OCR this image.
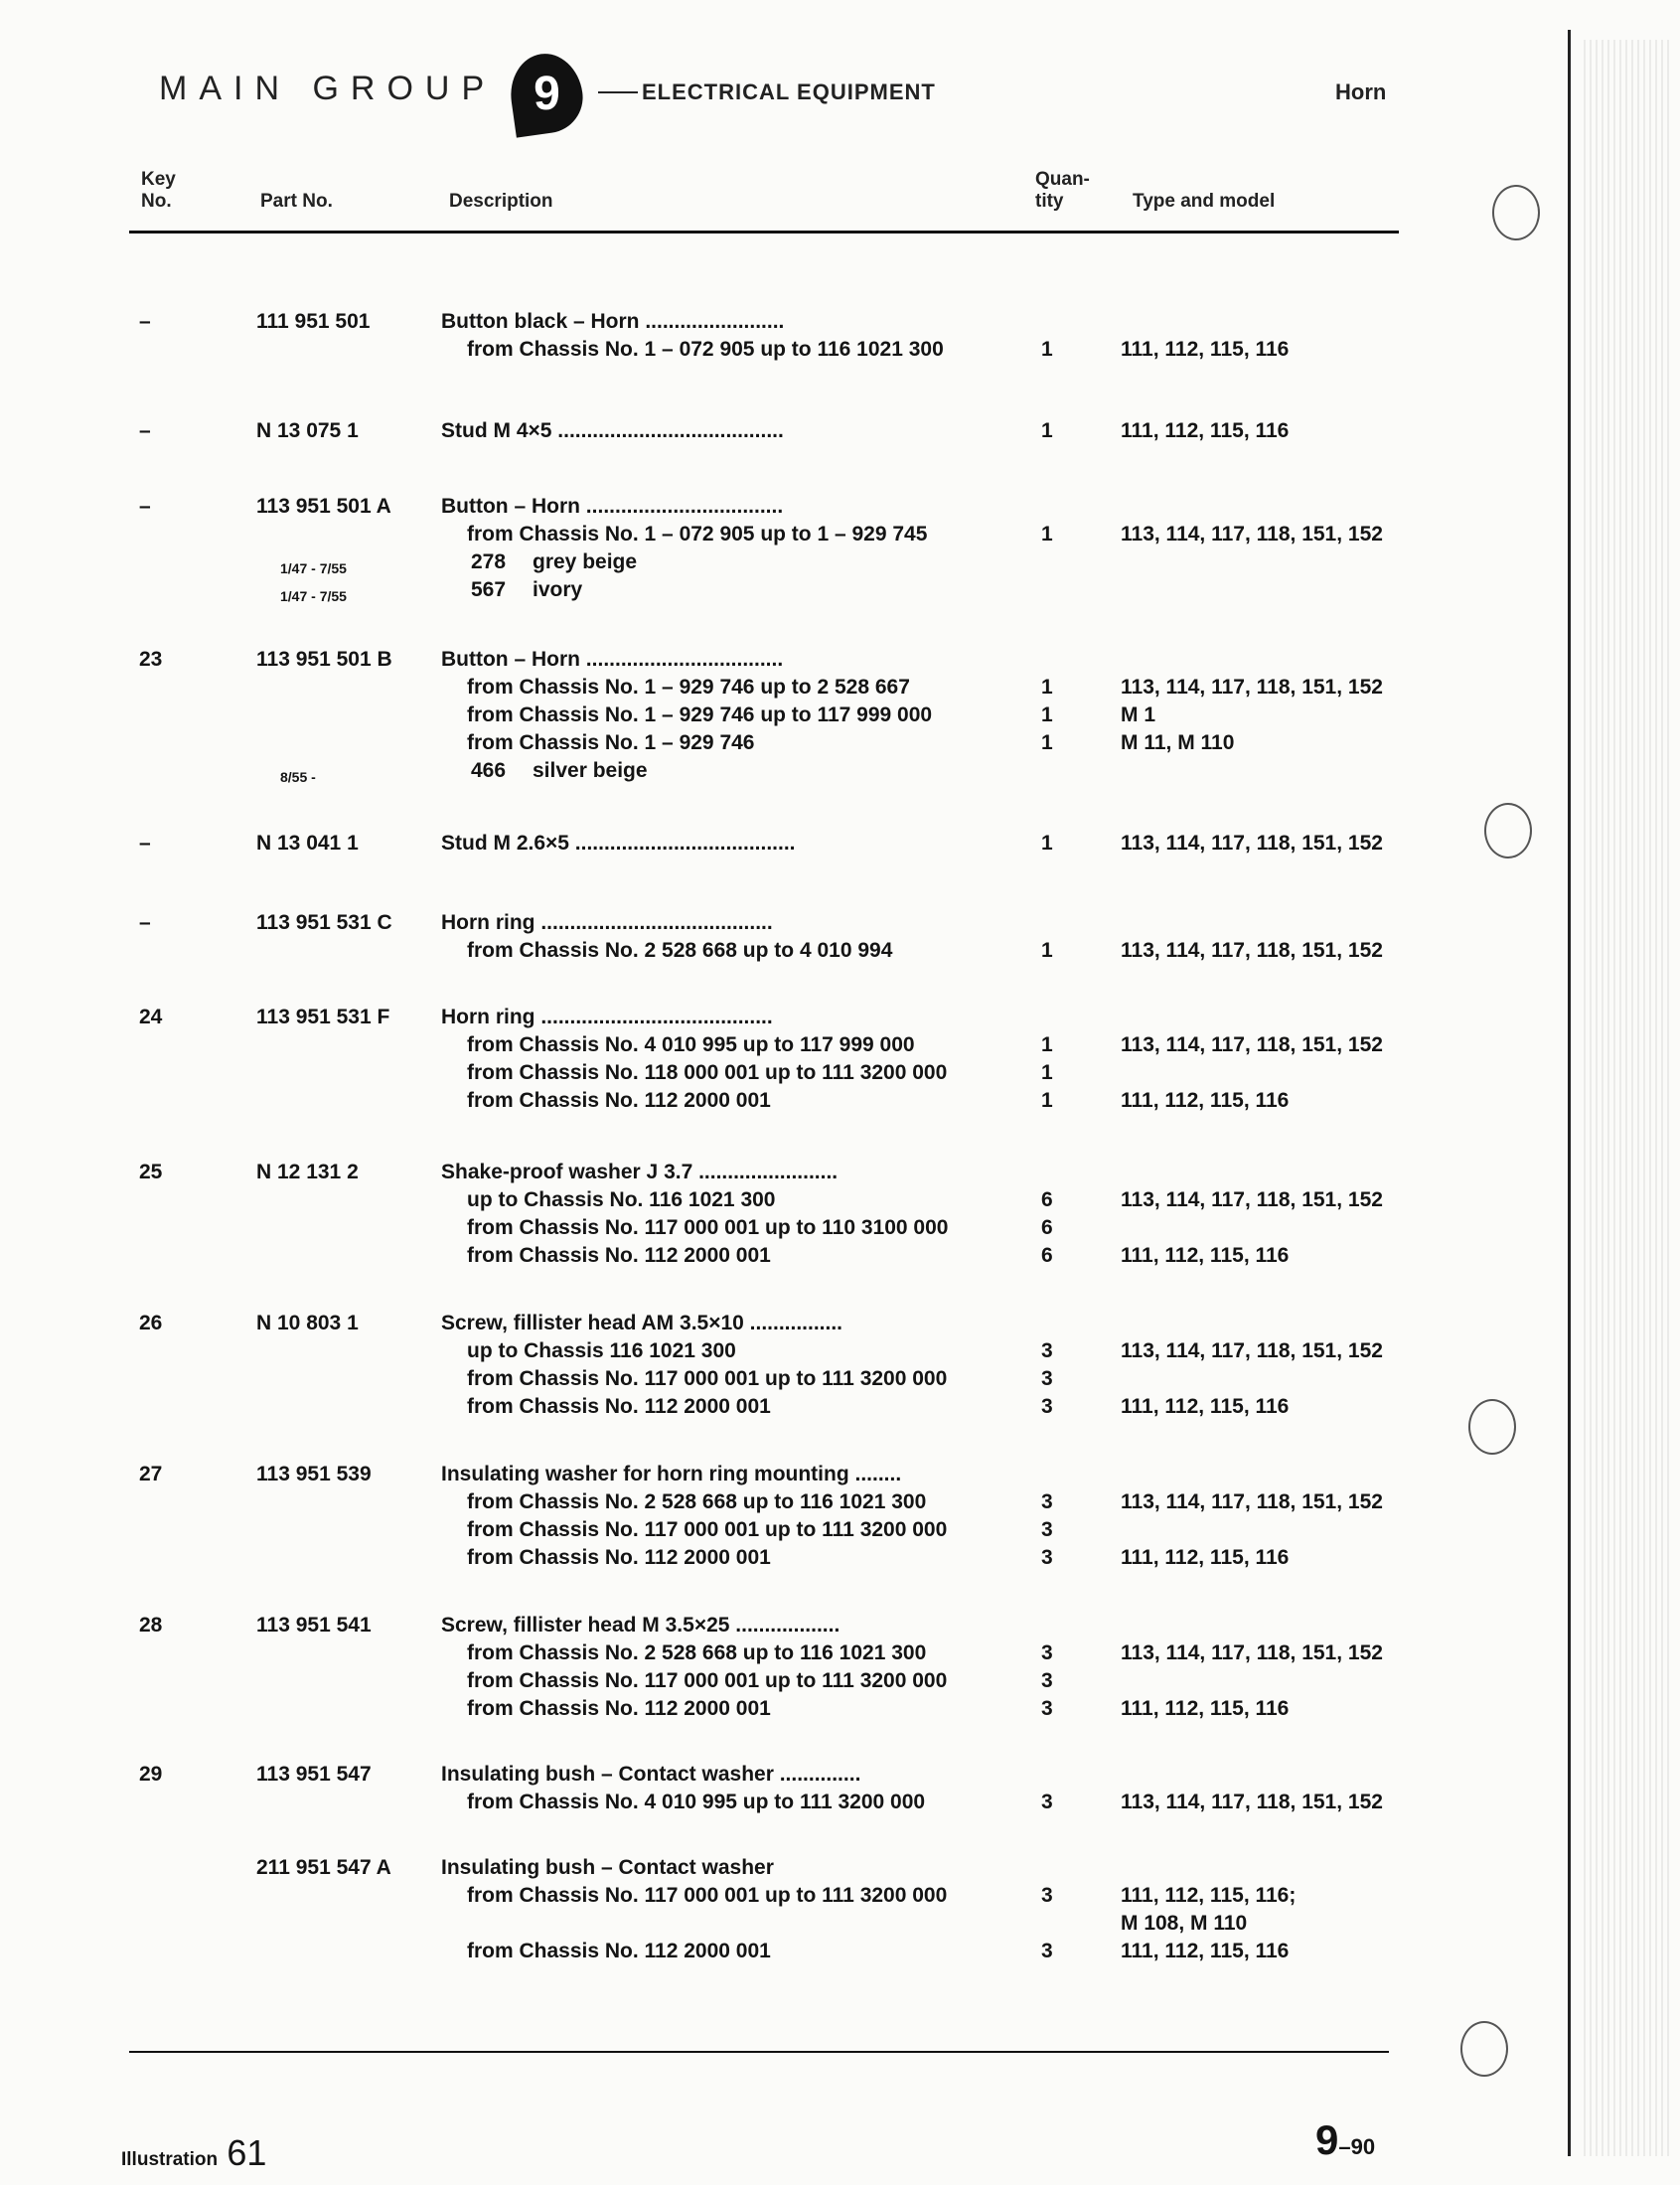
MAIN GROUP 9	ELECTRICAL EQUIPMENT	Horn
Key
No.	Part No.	Description
Quan-
tity	Type and model
–	111 951 501	Button black – Horn ........................
from Chassis No. 1 – 072 905 up to 116 1021 300	1	111, 112, 115, 116
–	N 13 075 1	Stud M 4×5 .......................................	1	111, 112, 115, 116
–	113 951 501 A Button – Horn ..................................
from Chassis No. 1 – 072 905 up to 1 – 929 745	1	113, 114, 117, 118, 151, 152
1/47 - 7/55	278 grey beige
1/47 - 7/55	567 ivory
23	113 951 501 B Button – Horn ..................................
from Chassis No. 1 – 929 746 up to 2 528 667	1	113, 114, 117, 118, 151, 152
from Chassis No. 1 – 929 746 up to 117 999 000	1	M 1
from Chassis No. 1 – 929 746	1	M 11, M 110
8/55 -	466 silver beige
–	N 13 041 1	Stud M 2.6×5 ......................................	1	113, 114, 117, 118, 151, 152
–	113 951 531 C Horn ring ........................................
from Chassis No. 2 528 668 up to 4 010 994	1	113, 114, 117, 118, 151, 152
24	113 951 531 F Horn ring ........................................
from Chassis No. 4 010 995 up to 117 999 000	1	113, 114, 117, 118, 151, 152
from Chassis No. 118 000 001 up to 111 3200 000	1
from Chassis No. 112 2000 001	1	111, 112, 115, 116
25	N 12 131 2	Shake-proof washer J 3.7 ........................
up to Chassis No. 116 1021 300	6	113, 114, 117, 118, 151, 152
from Chassis No. 117 000 001 up to 110 3100 000	6
from Chassis No. 112 2000 001	6	111, 112, 115, 116
26	N 10 803 1	Screw, fillister head AM 3.5×10 ................
up to Chassis 116 1021 300	3	113, 114, 117, 118, 151, 152
from Chassis No. 117 000 001 up to 111 3200 000	3
from Chassis No. 112 2000 001	3	111, 112, 115, 116
27	113 951 539	Insulating washer for horn ring mounting ........
from Chassis No. 2 528 668 up to 116 1021 300	3	113, 114, 117, 118, 151, 152
from Chassis No. 117 000 001 up to 111 3200 000	3
from Chassis No. 112 2000 001	3	111, 112, 115, 116
28	113 951 541	Screw, fillister head M 3.5×25 ..................
from Chassis No. 2 528 668 up to 116 1021 300	3	113, 114, 117, 118, 151, 152
from Chassis No. 117 000 001 up to 111 3200 000	3
from Chassis No. 112 2000 001	3	111, 112, 115, 116
29	113 951 547	Insulating bush – Contact washer ..............
from Chassis No. 4 010 995 up to 111 3200 000	3	113, 114, 117, 118, 151, 152
211 951 547 A Insulating bush – Contact washer
from Chassis No. 117 000 001 up to 111 3200 000	3	111, 112, 115, 116;
M 108, M 110
from Chassis No. 112 2000 001	3	111, 112, 115, 116
Illustration 61	9–90
